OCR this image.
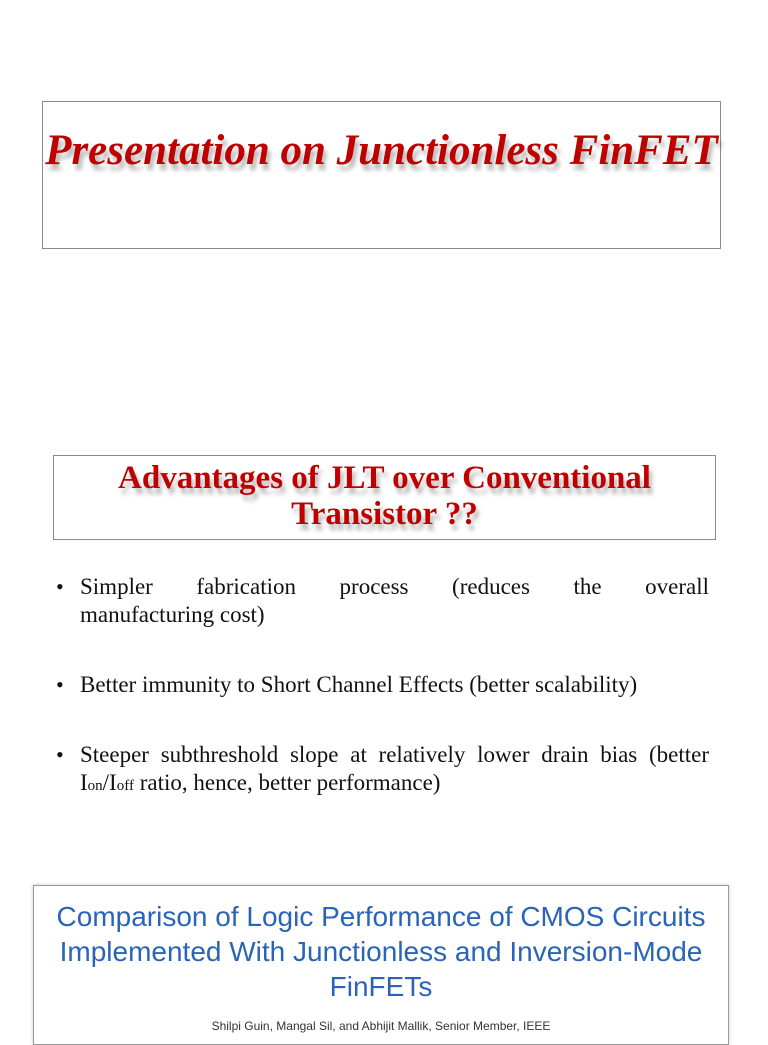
Presentation on Junctionless FinFET
Advantages of JLT over Conventional Transistor ??
• Simpler fabrication process (reduces the overall
manufacturing cost)
• Better immunity to Short Channel Effects (better scalability)
• Steeper subthreshold slope at relatively lower drain bias (better Ion/Ioff ratio, hence, better performance)

Comparison of Logic Performance of CMOS Circuits Implemented With Junctionless and Inversion-Mode FinFETs

Shilpi Guin, Mangal Sil, and Abhijit Mallik, Senior Member, IEEE
